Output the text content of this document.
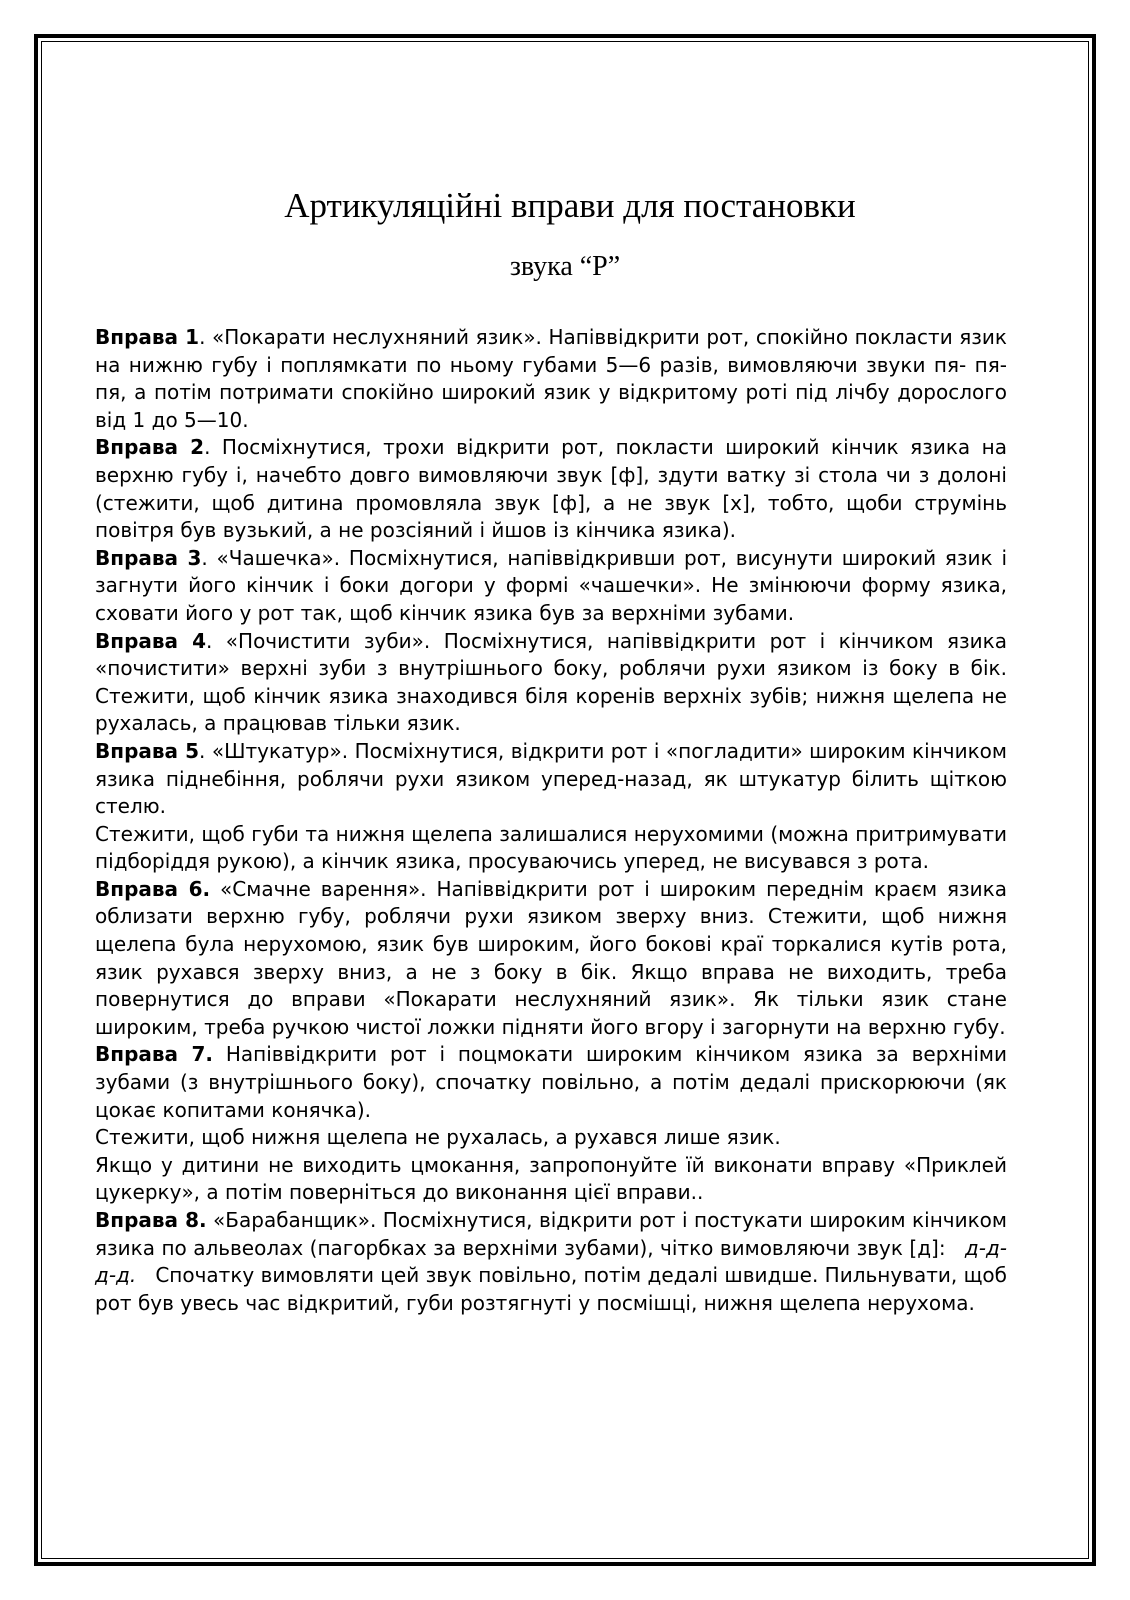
Артикуляційні вправи для постановки
звука “Р”

Вправа 1. «Покарати неслухняний язик». Напіввідкрити рот, спокійно покласти язик на нижню губу і поплямкати по ньому губами 5—6 разів, вимовляючи звуки пя- пя-пя, а потім потримати спокійно широкий язик у відкритому роті під лічбу дорослого від 1 до 5—10.

Вправа 2. Посміхнутися, трохи відкрити рот, покласти широкий кінчик язика на верхню губу і, начебто довго вимовляючи звук [ф], здути ватку зі стола чи з долоні (стежити, щоб дитина промовляла звук [ф], а не звук [х], тобто, щоби струмінь повітря був вузький, а не розсіяний і йшов із кінчика язика).

Вправа 3. «Чашечка». Посміхнутися, напіввідкривши рот, висунути широкий язик і загнути його кінчик і боки догори у формі «чашечки». Не змінюючи форму язика, сховати його у рот так, щоб кінчик язика був за верхніми зубами.

Вправа 4. «Почистити зуби». Посміхнутися, напіввідкрити рот і кінчиком язика «почистити» верхні зуби з внутрішнього боку, роблячи рухи язиком із боку в бік. Стежити, щоб кінчик язика знаходився біля коренів верхніх зубів; нижня щелепа не рухалась, а працював тільки язик.

Вправа 5. «Штукатур». Посміхнутися, відкрити рот і «погладити» широким кінчиком язика піднебіння, роблячи рухи язиком уперед-назад, як штукатур білить щіткою стелю.

Стежити, щоб губи та нижня щелепа залишалися нерухомими (можна притримувати підборіддя рукою), а кінчик язика, просуваючись уперед, не висувався з рота.

Вправа 6. «Смачне варення». Напіввідкрити рот і широким переднім краєм язика облизати верхню губу, роблячи рухи язиком зверху вниз. Стежити, щоб нижня щелепа була нерухомою, язик був широким, його бокові краї торкалися кутів рота, язик рухався зверху вниз, а не з боку в бік. Якщо вправа не виходить, треба повернутися до вправи «Покарати неслухняний язик». Як тільки язик стане широким, треба ручкою чистої ложки підняти його вгору і загорнути на верхню губу.

Вправа 7. Напіввідкрити рот і поцмокати широким кінчиком язика за верхніми зубами (з внутрішнього боку), спочатку повільно, а потім дедалі прискорюючи (як цокає копитами конячка).

Стежити, щоб нижня щелепа не рухалась, а рухався лише язик.

Якщо у дитини не виходить цмокання, запропонуйте їй виконати вправу «Приклей цукерку», а потім поверніться до виконання цієї вправи..

Вправа 8. «Барабанщик». Посміхнутися, відкрити рот і постукати широким кінчиком язика по альвеолах (пагорбках за верхніми зубами), чітко вимовляючи звук [д]:   д-д-д-д.   Спочатку вимовляти цей звук повільно, потім дедалі швидше. Пильнувати, щоб рот був увесь час відкритий, губи розтягнуті у посмішці, нижня щелепа нерухома.
